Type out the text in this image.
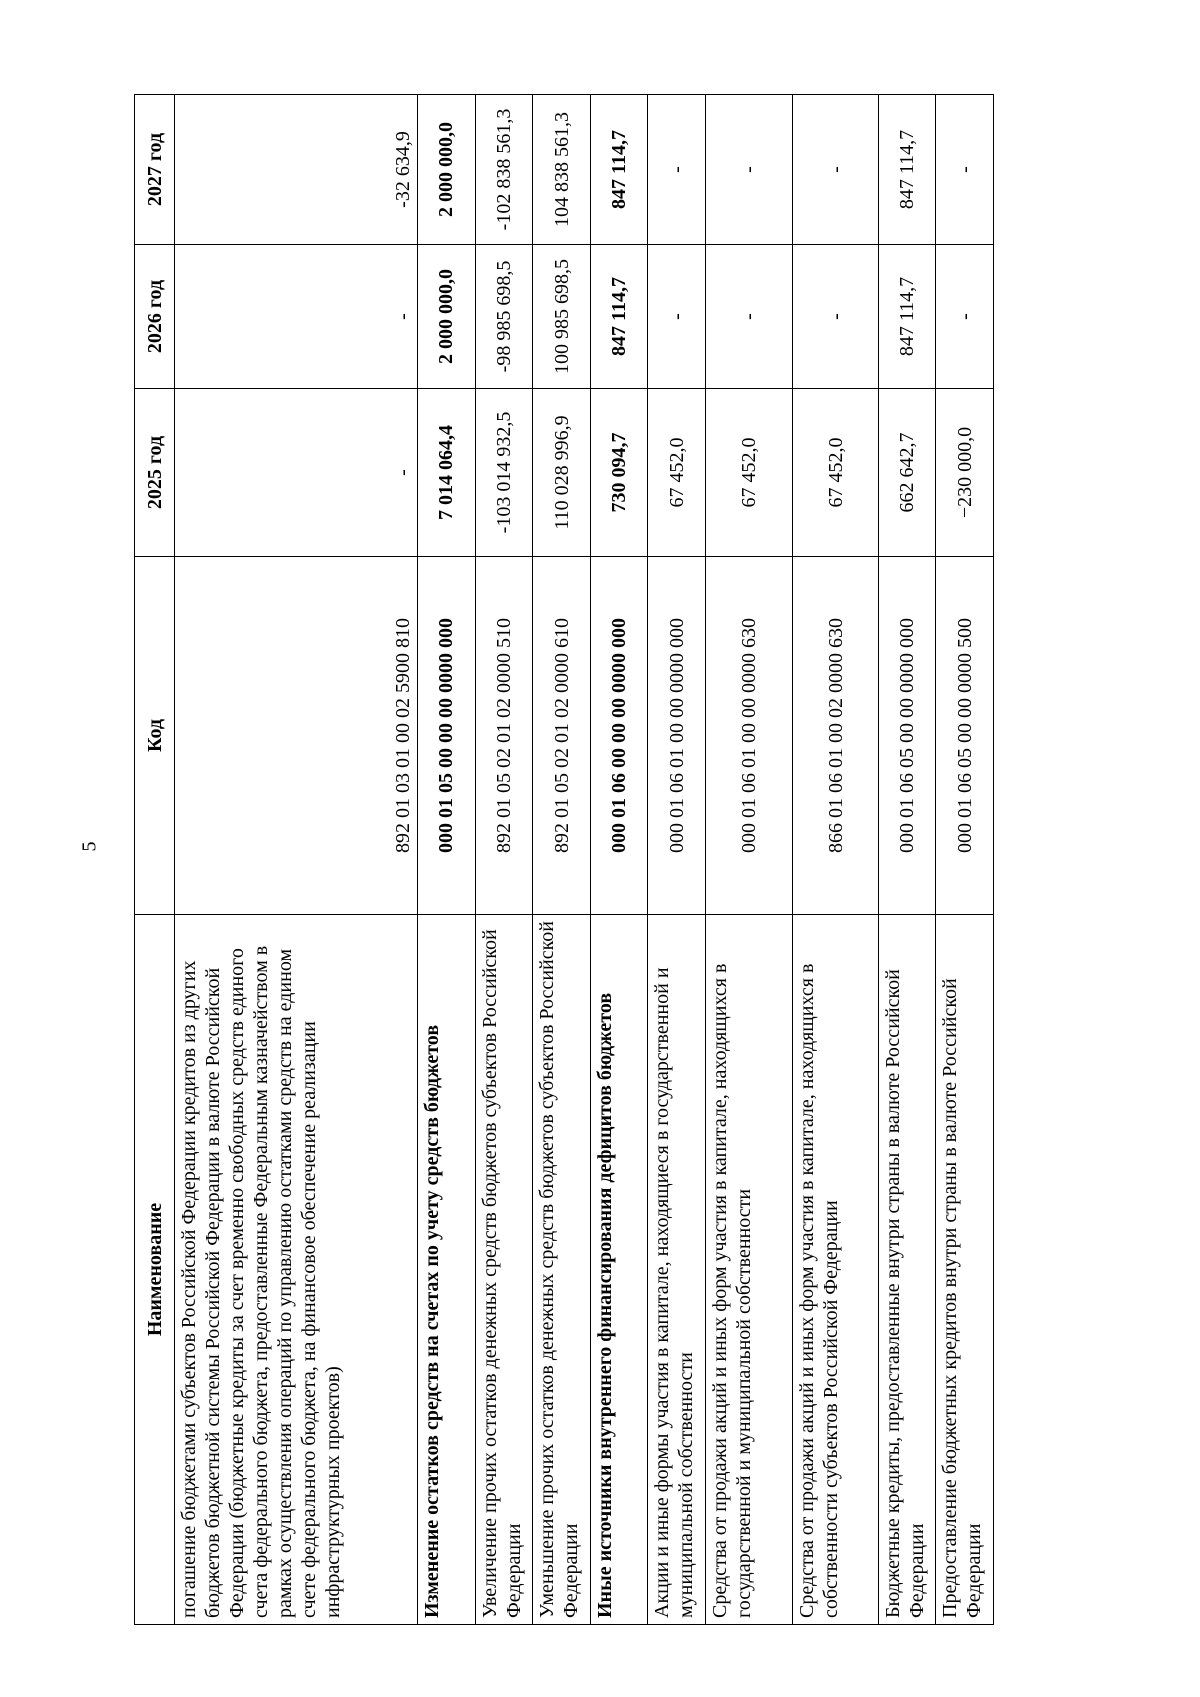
5
Наименование	Код	2025 год	2026 год	2027 год
погашение бюджетами субъектов Российской Федерации кредитов из других бюджетов бюджетной системы Российской Федерации в валюте Российской Федерации (бюджетные кредиты за счет временно свободных средств единого счета федерального бюджета, предоставленные Федеральным казначейством в рамках осуществления операций по управлению остатками средств на едином счете федерального бюджета, на финансовое обеспечение реализации инфраструктурных проектов)	892 01 03 01 00 02 5900 810	-	-	-32 634,9
Изменение остатков средств на счетах по учету средств бюджетов	000 01 05 00 00 00 0000 000	7 014 064,4	2 000 000,0	2 000 000,0
Увеличение прочих остатков денежных средств бюджетов субъектов Российской Федерации	892 01 05 02 01 02 0000 510	-103 014 932,5	-98 985 698,5	-102 838 561,3
Уменьшение прочих остатков денежных средств бюджетов субъектов Российской Федерации	892 01 05 02 01 02 0000 610	110 028 996,9	100 985 698,5	104 838 561,3
Иные источники внутреннего финансирования дефицитов бюджетов	000 01 06 00 00 00 0000 000	730 094,7	847 114,7	847 114,7
Акции и иные формы участия в капитале, находящиеся в государственной и муниципальной собственности	000 01 06 01 00 00 0000 000	67 452,0	-	-
Средства от продажи акций и иных форм участия в капитале, находящихся в государственной и муниципальной собственности	000 01 06 01 00 00 0000 630	67 452,0	-	-
Средства от продажи акций и иных форм участия в капитале, находящихся в собственности субъектов Российской Федерации	866 01 06 01 00 02 0000 630	67 452,0	-	-
Бюджетные кредиты, предоставленные внутри страны в валюте Российской Федерации	000 01 06 05 00 00 0000 000	662 642,7	847 114,7	847 114,7
Предоставление бюджетных кредитов внутри страны в валюте Российской Федерации	000 01 06 05 00 00 0000 500	−230 000,0	-	-
